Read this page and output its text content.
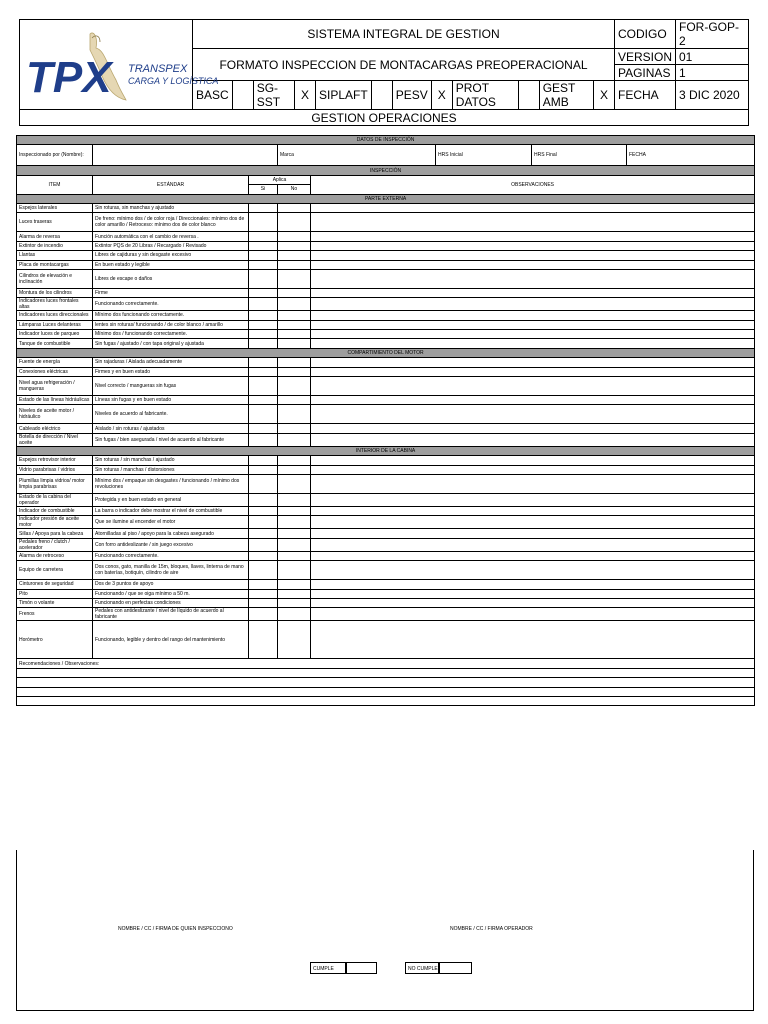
TPX TRANSPEX
CARGA Y LOGÍSTICA	SISTEMA INTEGRAL DE GESTION												CODIGO	FOR-GOP-2
	FORMATO INSPECCION DE MONTACARGAS PREOPERACIONAL												VERSION	01
													PAGINAS	1
													FECHA	3 DIC 2020
	BASC		SG-SST	X	SIPLAFT		PESV	X	PROT DATOS		GEST AMB	X		
GESTION OPERACIONES														
DATOS DE INSPECCIÓN							
Inspeccionado por (Nombre):			Marca		HRS Inicial	HRS Final	FECHA
INSPECCIÓN							
ITEM	ESTÁNDAR	Aplica		OBSERVACIONES			
		Si	No				
PARTE EXTERNA							
Espejos laterales	Sin roturas, sin manchas y ajustado						
Luces traseras	De freno: mínimo dos / de color roja / Direccionales: mínimo dos de color amarillo / Retroceso: mínimo dos de color blanco						
Alarma de reversa	Función automática con el cambio de reversa .						
Extintor de incendio	Extintor PQS de 20 Libras / Recargado / Revisado						
Llantas	Libres de cajiduras y sin desgaste excesivo						
Placa de montacargas	En buen estado y legible						
Cilindros de elevación e inclinación	Libres de escape o daños						
Montura de los cilindros	Firme						
Indicadores luces frontales altas	Funcionando correctamente.						
Indicadores luces direccionales	Mínimo dos funcionando correctamente.						
Lámparas Luces delanteras	lentes sin roturas/ funcionando / de color blanco / amarillo						
Indicador luces de parqueo	Mínimo dos / funcionando correctamente.						
Tanque de combustible	Sin fugas / ajustado / con tapa original y ajustada						
COMPARTIMIENTO DEL MOTOR							
Fuente de energía	Sin rajaduras / Aislada adecuadamente						
Conexiones eléctricas	Firmes y en buen estado						
Nivel agua refrigeración / mangueras	Nivel correcto / mangueras sin fugas						
Estado de las líneas hidráulicas	Líneas sin fugas y en buen estado						
Niveles de aceite motor / hidráulico	Niveles de acuerdo al fabricante.						
Cableado eléctrico	Aislado / sin roturas / ajustados						
Botella de dirección / Nivel aceite	Sin fugas / bien asegurada / nivel de acuerdo al fabricante						
INTERIOR DE LA CABINA							
Espejos retrovisor interior	Sin roturas / sin manchas / ajustado						
Vidrio parabrisas / vidrios	Sin roturas / manchas / distorsiones						
Plumillas limpia vidrios/ motor limpia parabrisas	Mínimo dos / empaque sin desgastes / funcionando / mínimo dos revoluciones						
Estado de la cabina del operador	Protegida y en buen estado en general						
Indicador de combustible	La barra o indicador debe mostrar el nivel de combustible						
Indicador presión de aceite motor	Que se ilumine al encender el motor						
Sillas / Apoya para la cabeza	Atornilladas al piso / apoyo para la cabeza asegurado						
Pedales freno / clutch / acelerador	Con forro antideslizante / sin juego excesivo						
Alarma de retroceso	Funcionando correctamente.						
Equipo de carretera	Dos conos, gato, manilla de 15m, bloques, llaves, linterna de mano con baterías, botiquín, cilindro de aire						
Cinturones de seguridad	Dos de 3 puntos de apoyo						
Pito	Funcionando / que se oiga mínimo a 50 m.						
Timón o volante	Funcionando en perfectas condiciones						
Frenos	Pedales con antideslizante / nivel de líquido de acuerdo al fabricante						
Horómetro	Funcionando, legible y dentro del rango del mantenimiento						
Recomendaciones / Observaciones:							

NOMBRE / CC / FIRMA DE QUIEN INSPECCIONO	NOMBRE / CC / FIRMA OPERADOR
CUMPLE	NO CUMPLE
